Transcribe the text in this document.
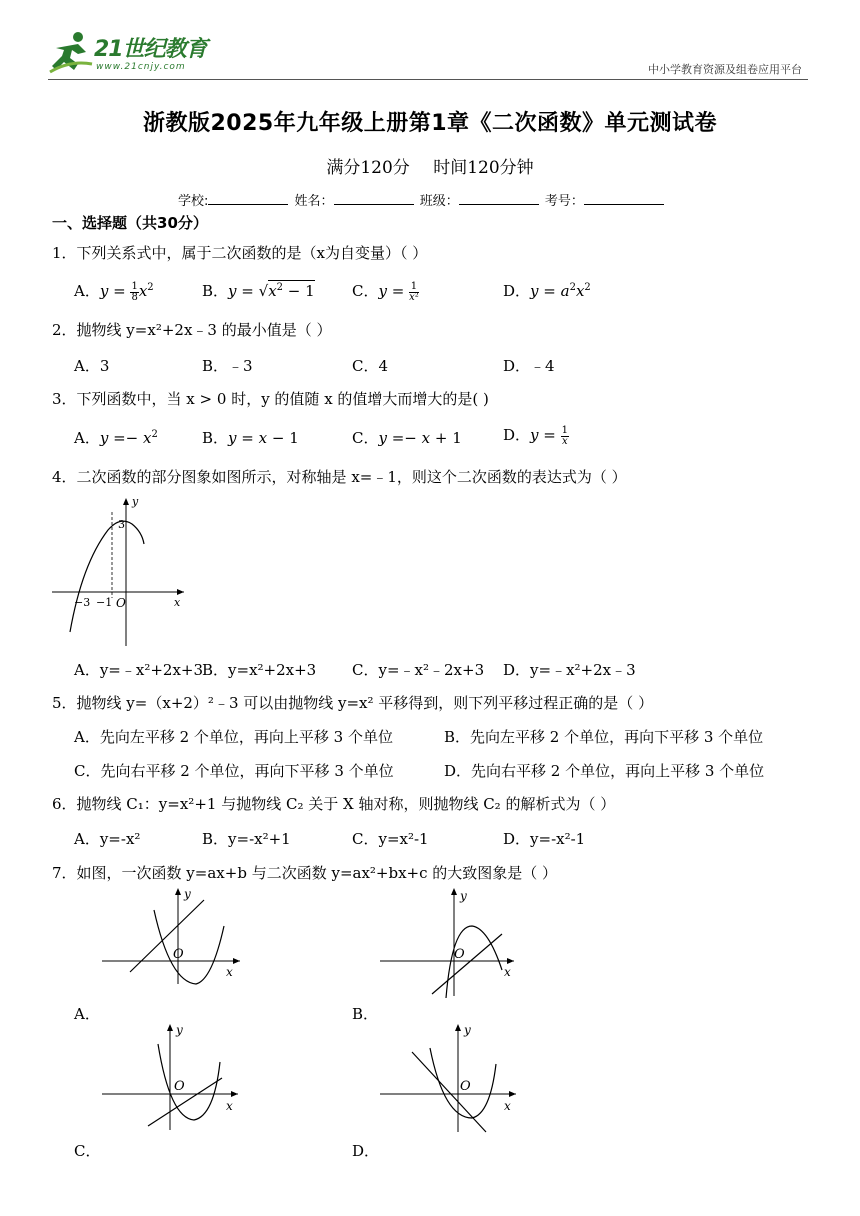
21世纪教育
www.21cnjy.com	中小学教育资源及组卷应用平台
浙教版2025年九年级上册第1章《二次函数》单元测试卷
满分120分 时间120分钟
学校:	姓名：	班级：	考号：
一、选择题（共30分）
1．下列关系式中，属于二次函数的是（x为自变量）（ ）
A．$y = \frac{1}{8} x^2$	B．$y = √x^2 - 1$ C．$y = \frac{1}{\text{x²}}$	D．$y = a^2x^2$
2．抛物线 y=x²+2x﹣3 的最小值是（ ）
A．3	B．﹣3	C．4	D．﹣4
3．下列函数中，当 x > 0 时，y 的值随 x 的值增大而增大的是( )
A．$y =- x^2$	B．y = x − 1	C．y =− x + 1	D．$y = \frac{1}{x}$
4．二次函数的部分图象如图所示，对称轴是 x=﹣1，则这个二次函数的表达式为（ ）
y
x
O
3
−3 −1
A．y=﹣x²+2x+3
B．y=x²+2x+3 C．y=﹣x²﹣2x+3 D．y=﹣x²+2x﹣3
5．抛物线 y=（x+2）²﹣3 可以由抛物线 y=x² 平移得到，则下列平移过程正确的是（ ）
A．先向左平移 2 个单位，再向上平移 3 个单位	B．先向左平移 2 个单位，再向下平移 3 个单位
C．先向右平移 2 个单位，再向下平移 3 个单位	D．先向右平移 2 个单位，再向上平移 3 个单位
6．抛物线 C₁：y=x²+1 与抛物线 C₂ 关于 X 轴对称，则抛物线 C₂ 的解析式为（ ）
A．y=-x²	B．y=-x²+1	C．y=x²-1	D．y=-x²-1
7．如图，一次函数 y=ax+b 与二次函数 y=ax²+bx+c 的大致图象是（ ）
y
x
O
A．
y
x
O
B．
y
x
O
C．
y
x
O
D．
